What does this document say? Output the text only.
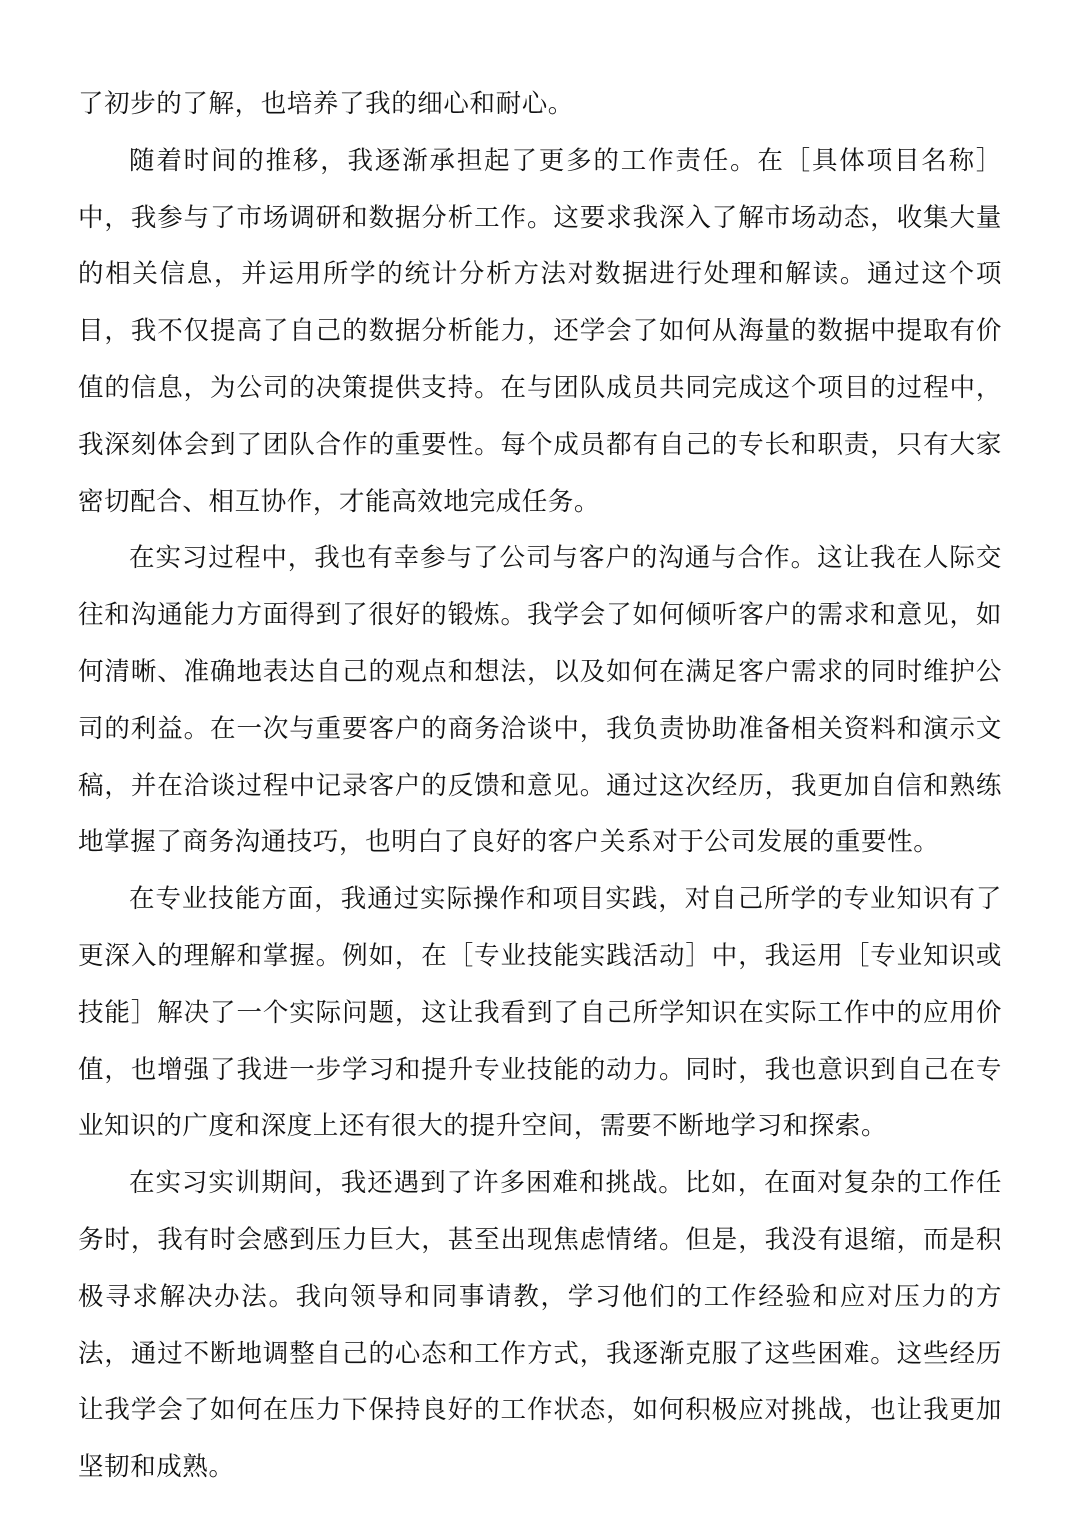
了初步的了解，也培养了我的细心和耐心。

随着时间的推移，我逐渐承担起了更多的工作责任。在［具体项目名称］中，我参与了市场调研和数据分析工作。这要求我深入了解市场动态，收集大量的相关信息，并运用所学的统计分析方法对数据进行处理和解读。通过这个项目，我不仅提高了自己的数据分析能力，还学会了如何从海量的数据中提取有价值的信息，为公司的决策提供支持。在与团队成员共同完成这个项目的过程中，我深刻体会到了团队合作的重要性。每个成员都有自己的专长和职责，只有大家密切配合、相互协作，才能高效地完成任务。

在实习过程中，我也有幸参与了公司与客户的沟通与合作。这让我在人际交往和沟通能力方面得到了很好的锻炼。我学会了如何倾听客户的需求和意见，如何清晰、准确地表达自己的观点和想法，以及如何在满足客户需求的同时维护公司的利益。在一次与重要客户的商务洽谈中，我负责协助准备相关资料和演示文稿，并在洽谈过程中记录客户的反馈和意见。通过这次经历，我更加自信和熟练地掌握了商务沟通技巧，也明白了良好的客户关系对于公司发展的重要性。

在专业技能方面，我通过实际操作和项目实践，对自己所学的专业知识有了更深入的理解和掌握。例如，在［专业技能实践活动］中，我运用［专业知识或技能］解决了一个实际问题，这让我看到了自己所学知识在实际工作中的应用价值，也增强了我进一步学习和提升专业技能的动力。同时，我也意识到自己在专业知识的广度和深度上还有很大的提升空间，需要不断地学习和探索。

在实习实训期间，我还遇到了许多困难和挑战。比如，在面对复杂的工作任务时，我有时会感到压力巨大，甚至出现焦虑情绪。但是，我没有退缩，而是积极寻求解决办法。我向领导和同事请教，学习他们的工作经验和应对压力的方法，通过不断地调整自己的心态和工作方式，我逐渐克服了这些困难。这些经历让我学会了如何在压力下保持良好的工作状态，如何积极应对挑战，也让我更加坚韧和成熟。
